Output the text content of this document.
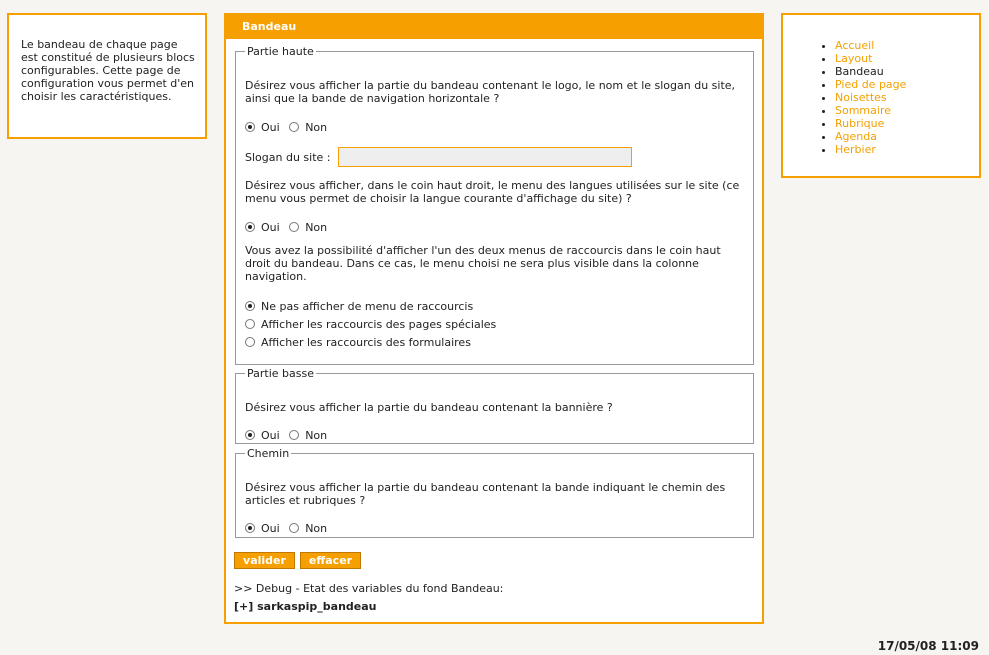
Le bandeau de chaque page est constitué de plusieurs blocs configurables. Cette page de configuration vous permet d'en choisir les caractéristiques.
Bandeau
Partie haute

Désirez vous afficher la partie du bandeau contenant le logo, le nom et le slogan du site, ainsi que la bande de navigation horizontale ?

Oui Non
Slogan du site :

Désirez vous afficher, dans le coin haut droit, le menu des langues utilisées sur le site (ce menu vous permet de choisir la langue courante d'affichage du site) ?

Oui Non

Vous avez la possibilité d'afficher l'un des deux menus de raccourcis dans le coin haut droit du bandeau. Dans ce cas, le menu choisi ne sera plus visible dans la colonne navigation.

Ne pas afficher de menu de raccourcis
Afficher les raccourcis des pages spéciales
Afficher les raccourcis des formulaires
Partie basse

Désirez vous afficher la partie du bandeau contenant la bannière ?

Oui Non
Chemin

Désirez vous afficher la partie du bandeau contenant la bande indiquant le chemin des articles et rubriques ?

Oui Non
valider	effacer
>> Debug - Etat des variables du fond Bandeau:
[+] sarkaspip_bandeau
• Accueil
• Layout
• Bandeau
• Pied de page
• Noisettes
• Sommaire
• Rubrique
• Agenda
• Herbier
17/05/08 11:09
